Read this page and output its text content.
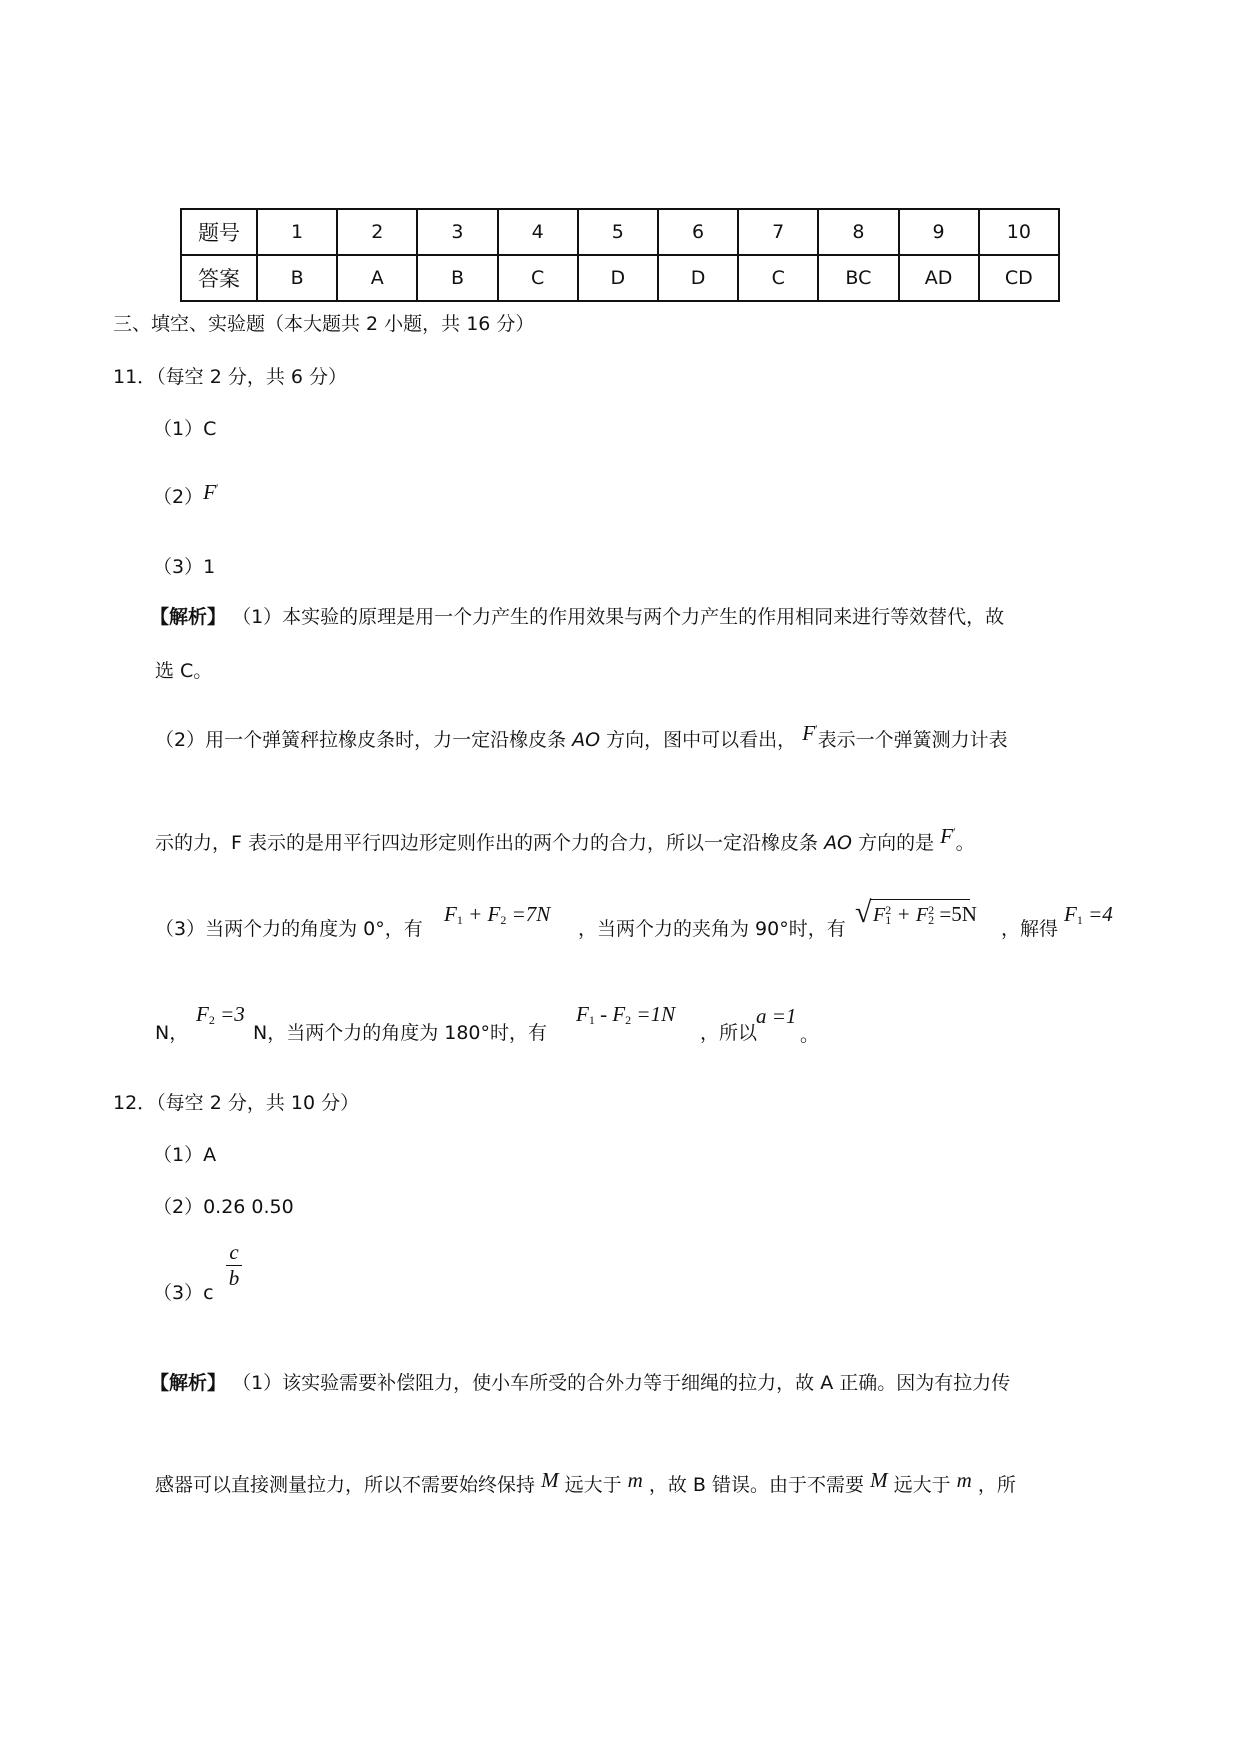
题号	1	2	3	4	5	6	7	8	9	10
答案	B	A	B	C	D	D	C	BC	AD	CD
三、填空、实验题（本大题共 2 小题，共 16 分）
11．（每空 2 分，共 6 分）
（1）C
（2）F′
（3）1
【解析】 （1）本实验的原理是用一个力产生的作用效果与两个力产生的作用相同来进行等效替代，故
选 C。
（2）用一个弹簧秤拉橡皮条时，力一定沿橡皮条 AO 方向，图中可以看出， F′表示一个弹簧测力计表
示的力，F 表示的是用平行四边形定则作出的两个力的合力，所以一定沿橡皮条 AO 方向的是 F′。
（3）当两个力的角度为 0°，有
$F_1 + F_2 =7N$
，当两个力的夹角为 90°时，有 √ $F_1^2 + F_2^2 =5N$
，解得
$F_1 =4$
N，
$F_2 =3$
N，当两个力的角度为 180°时，有
$F_1 - F_2 =1N$
，所以
a =1
。
12．（每空 2 分，共 10 分）
（1）A
（2）0.26 0.50
（3）c
c
b
【解析】 （1）该实验需要补偿阻力，使小车所受的合外力等于细绳的拉力，故 A 正确。因为有拉力传
感器可以直接测量拉力，所以不需要始终保持 M 远大于 m ，故 B 错误。由于不需要 M 远大于 m ，所
